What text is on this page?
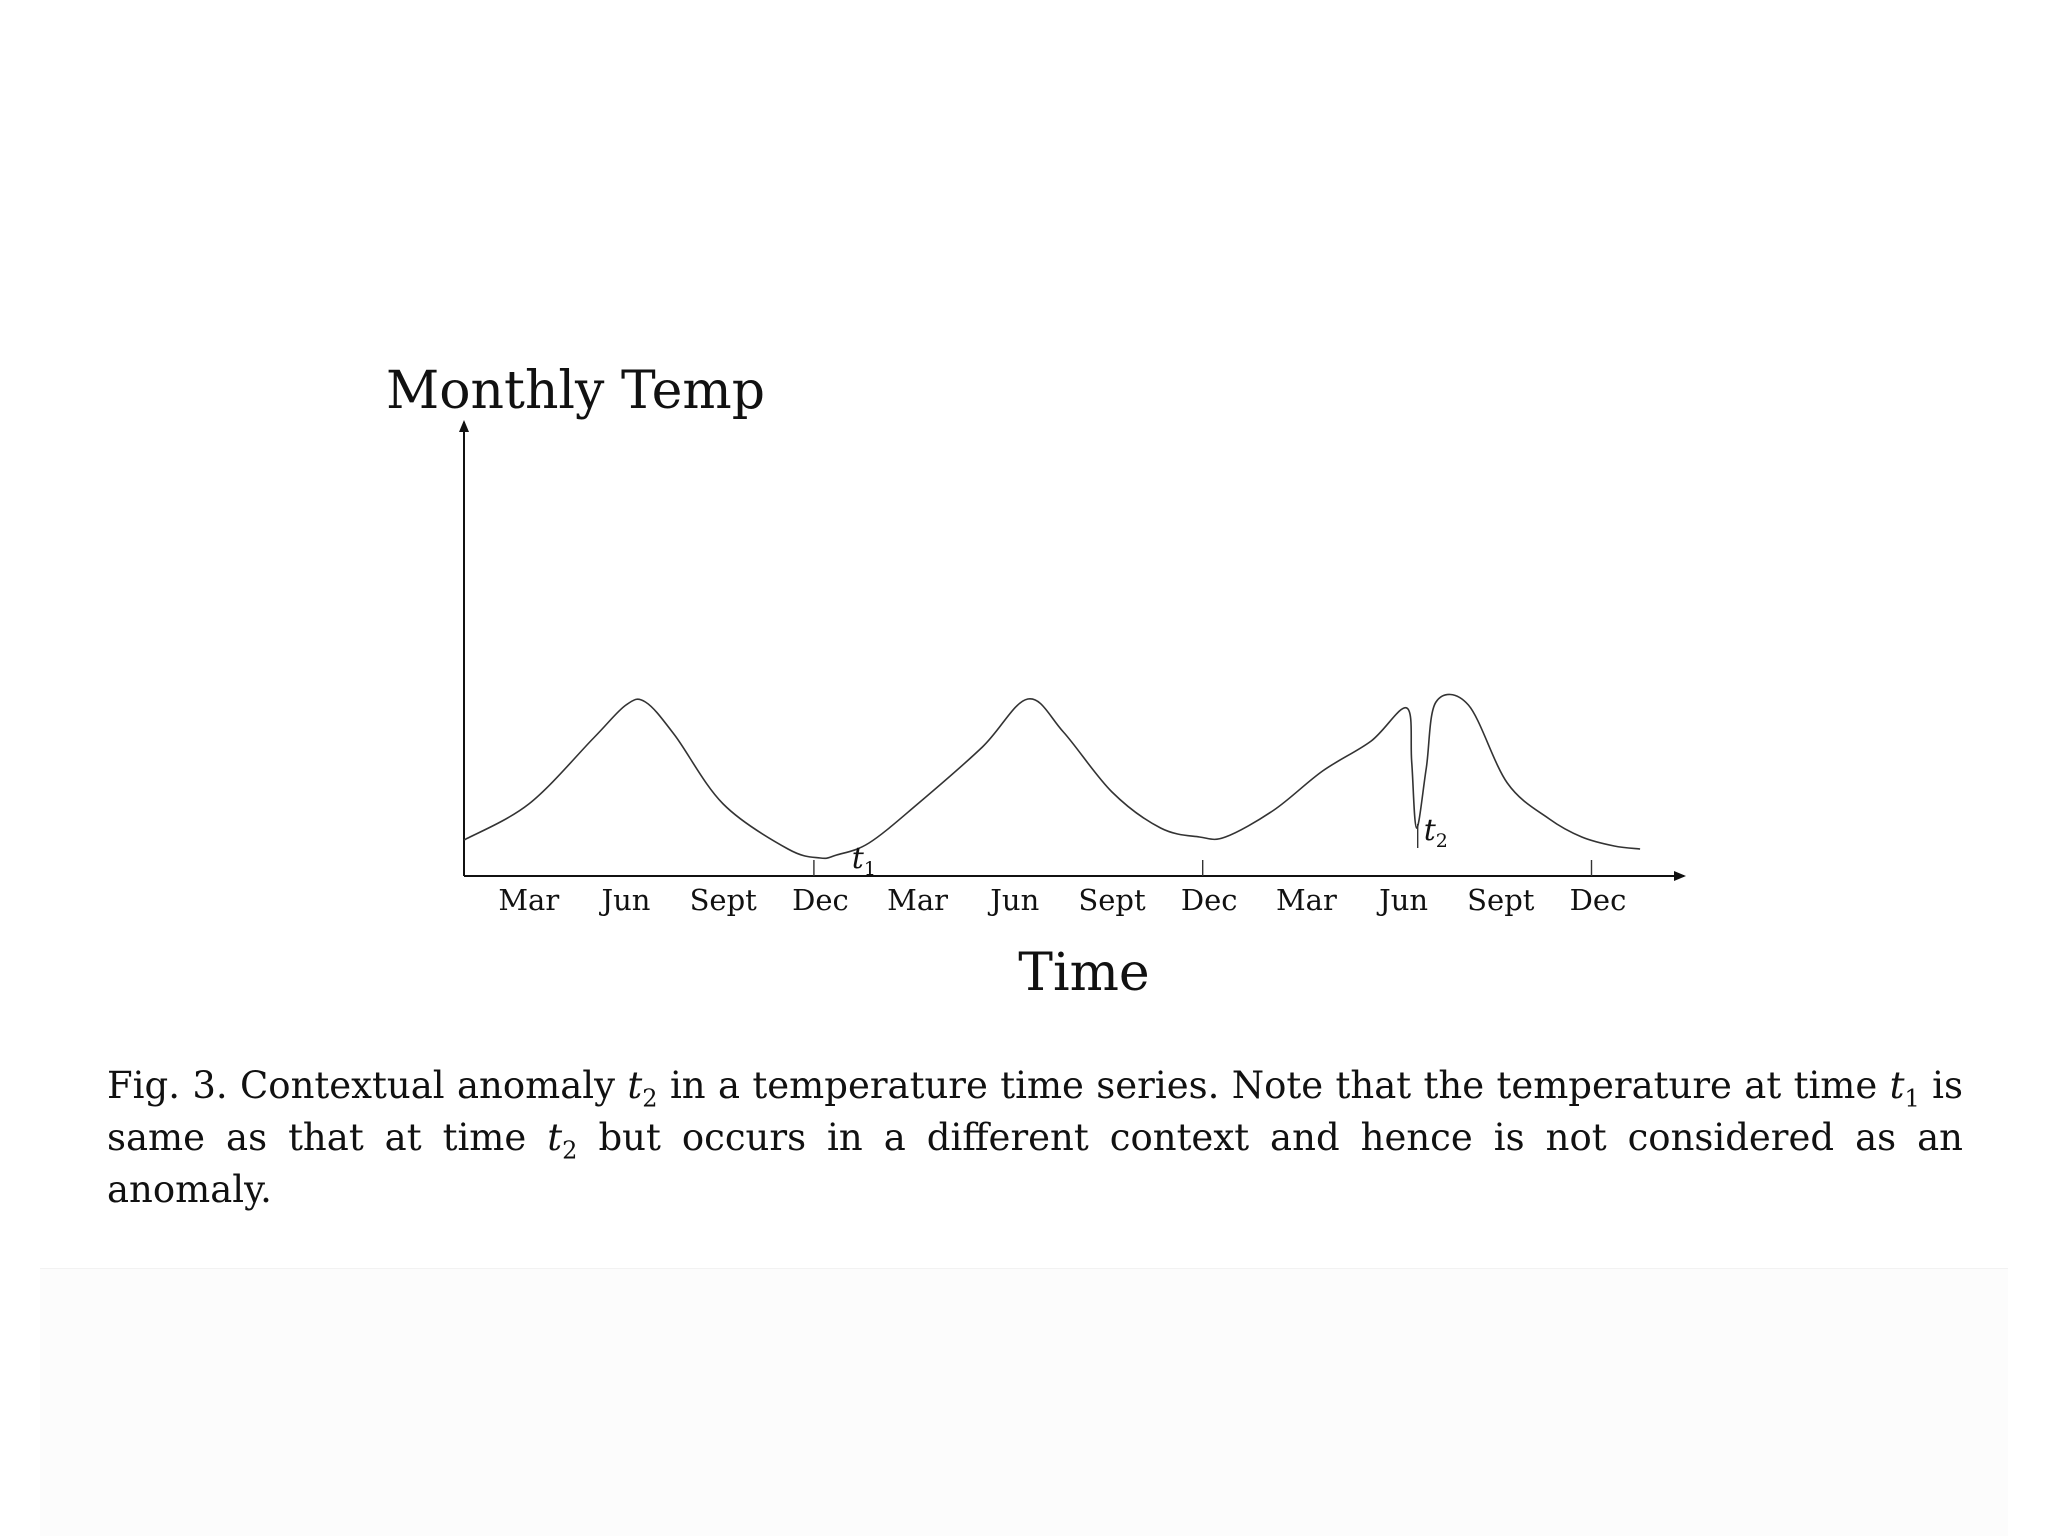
Monthly Temp
Time
Mar Jun Sept Dec Mar Jun Sept Dec Mar Jun Sept Dec
$t_1$
$t_2$
Fig. 3. Contextual anomaly $t_2$ in a temperature time series. Note that the temperature at time $t_1$ is same as that at time $t_2$ but occurs in a different context and hence is not considered as an anomaly.
